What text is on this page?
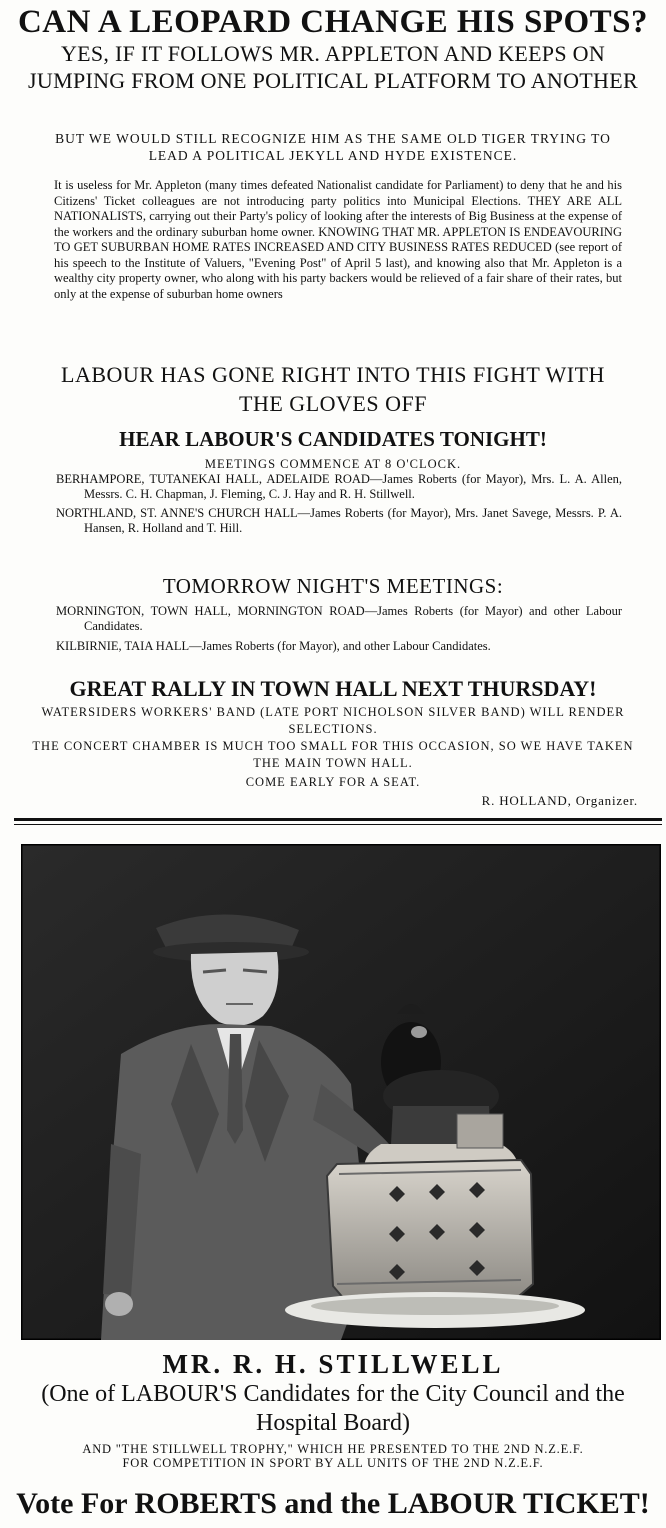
CAN A LEOPARD CHANGE HIS SPOTS?
YES, IF IT FOLLOWS MR. APPLETON AND KEEPS ON JUMPING FROM ONE POLITICAL PLATFORM TO ANOTHER
BUT WE WOULD STILL RECOGNIZE HIM AS THE SAME OLD TIGER TRYING TO LEAD A POLITICAL JEKYLL AND HYDE EXISTENCE.
It is useless for Mr. Appleton (many times defeated Nationalist candidate for Parliament) to deny that he and his Citizens' Ticket colleagues are not introducing party politics into Municipal Elections. THEY ARE ALL NATIONALISTS, carrying out their Party's policy of looking after the interests of Big Business at the expense of the workers and the ordinary suburban home owner. KNOWING THAT MR. APPLETON IS ENDEAVOURING TO GET SUBURBAN HOME RATES INCREASED AND CITY BUSINESS RATES REDUCED (see report of his speech to the Institute of Valuers, "Evening Post" of April 5 last), and knowing also that Mr. Appleton is a wealthy city property owner, who along with his party backers would be relieved of a fair share of their rates, but only at the expense of suburban home owners
LABOUR HAS GONE RIGHT INTO THIS FIGHT WITH THE GLOVES OFF
HEAR LABOUR'S CANDIDATES TONIGHT!
MEETINGS COMMENCE AT 8 O'CLOCK.
BERHAMPORE, TUTANEKAI HALL, ADELAIDE ROAD—James Roberts (for Mayor), Mrs. L. A. Allen, Messrs. C. H. Chapman, J. Fleming, C. J. Hay and R. H. Stillwell.
NORTHLAND, ST. ANNE'S CHURCH HALL—James Roberts (for Mayor), Mrs. Janet Savege, Messrs. P. A. Hansen, R. Holland and T. Hill.
TOMORROW NIGHT'S MEETINGS:
MORNINGTON, TOWN HALL, MORNINGTON ROAD—James Roberts (for Mayor) and other Labour Candidates.
KILBIRNIE, TAIA HALL—James Roberts (for Mayor), and other Labour Candidates.
GREAT RALLY IN TOWN HALL NEXT THURSDAY!
WATERSIDERS WORKERS' BAND (LATE PORT NICHOLSON SILVER BAND) WILL RENDER SELECTIONS.
THE CONCERT CHAMBER IS MUCH TOO SMALL FOR THIS OCCASION, SO WE HAVE TAKEN THE MAIN TOWN HALL.
COME EARLY FOR A SEAT.
R. HOLLAND, Organizer.
MR. R. H. STILLWELL
(One of LABOUR'S Candidates for the City Council and the Hospital Board)
AND "THE STILLWELL TROPHY," WHICH HE PRESENTED TO THE 2ND N.Z.E.F. FOR COMPETITION IN SPORT BY ALL UNITS OF THE 2ND N.Z.E.F.
Vote For ROBERTS and the LABOUR TICKET!
